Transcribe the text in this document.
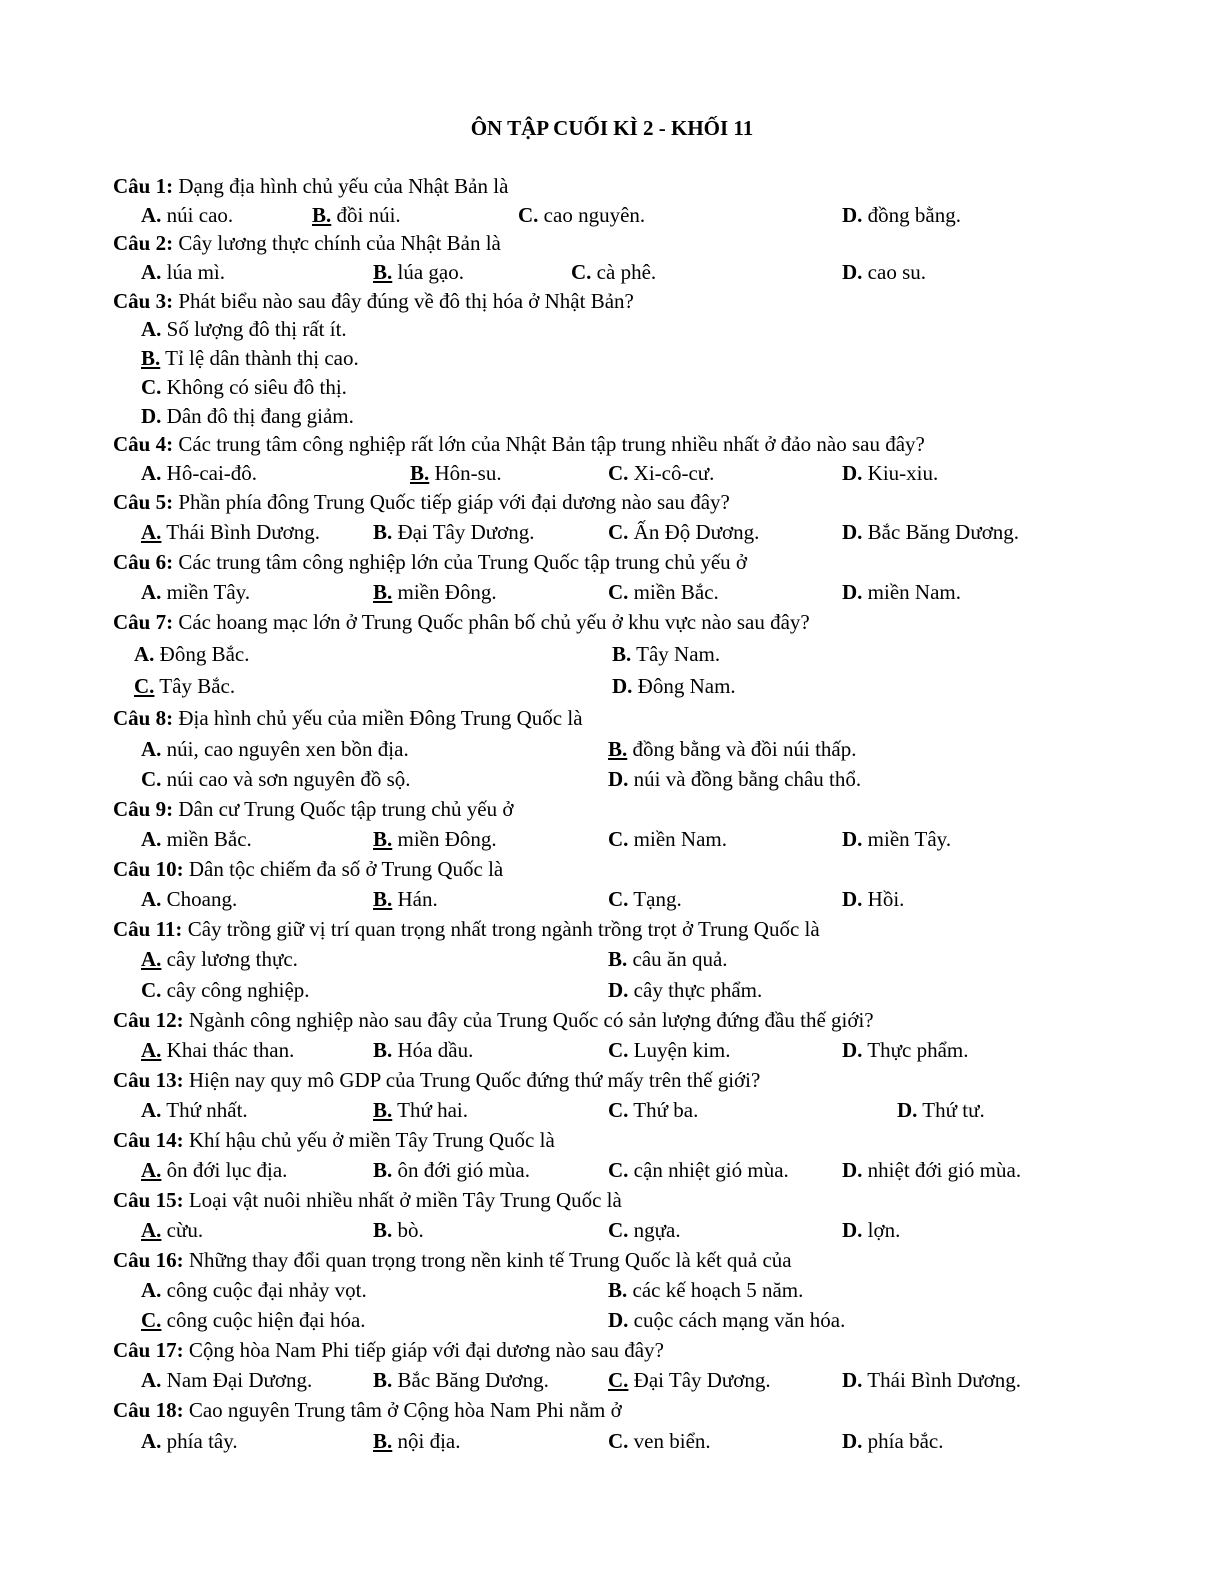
ÔN TẬP CUỐI KÌ 2 - KHỐI 11
Câu 1: Dạng địa hình chủ yếu của Nhật Bản là
A. núi cao.	B. đồi núi.	C. cao nguyên.	D. đồng bằng.
Câu 2: Cây lương thực chính của Nhật Bản là
A. lúa mì.	B. lúa gạo.	C. cà phê.	D. cao su.
Câu 3: Phát biểu nào sau đây đúng về đô thị hóa ở Nhật Bản?
A. Số lượng đô thị rất ít.
B. Tỉ lệ dân thành thị cao.
C. Không có siêu đô thị.
D. Dân đô thị đang giảm.
Câu 4: Các trung tâm công nghiệp rất lớn của Nhật Bản tập trung nhiều nhất ở đảo nào sau đây?
A. Hô-cai-đô.	B. Hôn-su.	C. Xi-cô-cư.	D. Kiu-xiu.
Câu 5: Phần phía đông Trung Quốc tiếp giáp với đại dương nào sau đây?
A. Thái Bình Dương.	B. Đại Tây Dương.	C. Ấn Độ Dương.	D. Bắc Băng Dương.
Câu 6: Các trung tâm công nghiệp lớn của Trung Quốc tập trung chủ yếu ở
A. miền Tây.	B. miền Đông.	C. miền Bắc.	D. miền Nam.
Câu 7: Các hoang mạc lớn ở Trung Quốc phân bố chủ yếu ở khu vực nào sau đây?
A. Đông Bắc.	B. Tây Nam.
C. Tây Bắc.	D. Đông Nam.
Câu 8: Địa hình chủ yếu của miền Đông Trung Quốc là
A. núi, cao nguyên xen bồn địa.	B. đồng bằng và đồi núi thấp.
C. núi cao và sơn nguyên đồ sộ.	D. núi và đồng bằng châu thổ.
Câu 9: Dân cư Trung Quốc tập trung chủ yếu ở
A. miền Bắc.	B. miền Đông.	C. miền Nam.	D. miền Tây.
Câu 10: Dân tộc chiếm đa số ở Trung Quốc là
A. Choang.	B. Hán.	C. Tạng.	D. Hồi.
Câu 11: Cây trồng giữ vị trí quan trọng nhất trong ngành trồng trọt ở Trung Quốc là
A. cây lương thực.	B. câu ăn quả.
C. cây công nghiệp.	D. cây thực phẩm.
Câu 12: Ngành công nghiệp nào sau đây của Trung Quốc có sản lượng đứng đầu thế giới?
A. Khai thác than.	B. Hóa dầu.	C. Luyện kim.	D. Thực phẩm.
Câu 13: Hiện nay quy mô GDP của Trung Quốc đứng thứ mấy trên thế giới?
A. Thứ nhất.	B. Thứ hai.	C. Thứ ba.	D. Thứ tư.
Câu 14: Khí hậu chủ yếu ở miền Tây Trung Quốc là
A. ôn đới lục địa.	B. ôn đới gió mùa.	C. cận nhiệt gió mùa.	D. nhiệt đới gió mùa.
Câu 15: Loại vật nuôi nhiều nhất ở miền Tây Trung Quốc là
A. cừu.	B. bò.	C. ngựa.	D. lợn.
Câu 16: Những thay đổi quan trọng trong nền kinh tế Trung Quốc là kết quả của
A. công cuộc đại nhảy vọt.	B. các kế hoạch 5 năm.
C. công cuộc hiện đại hóa.	D. cuộc cách mạng văn hóa.
Câu 17: Cộng hòa Nam Phi tiếp giáp với đại dương nào sau đây?
A. Nam Đại Dương.	B. Bắc Băng Dương.	C. Đại Tây Dương.	D. Thái Bình Dương.
Câu 18: Cao nguyên Trung tâm ở Cộng hòa Nam Phi nằm ở
A. phía tây.	B. nội địa.	C. ven biển.	D. phía bắc.
